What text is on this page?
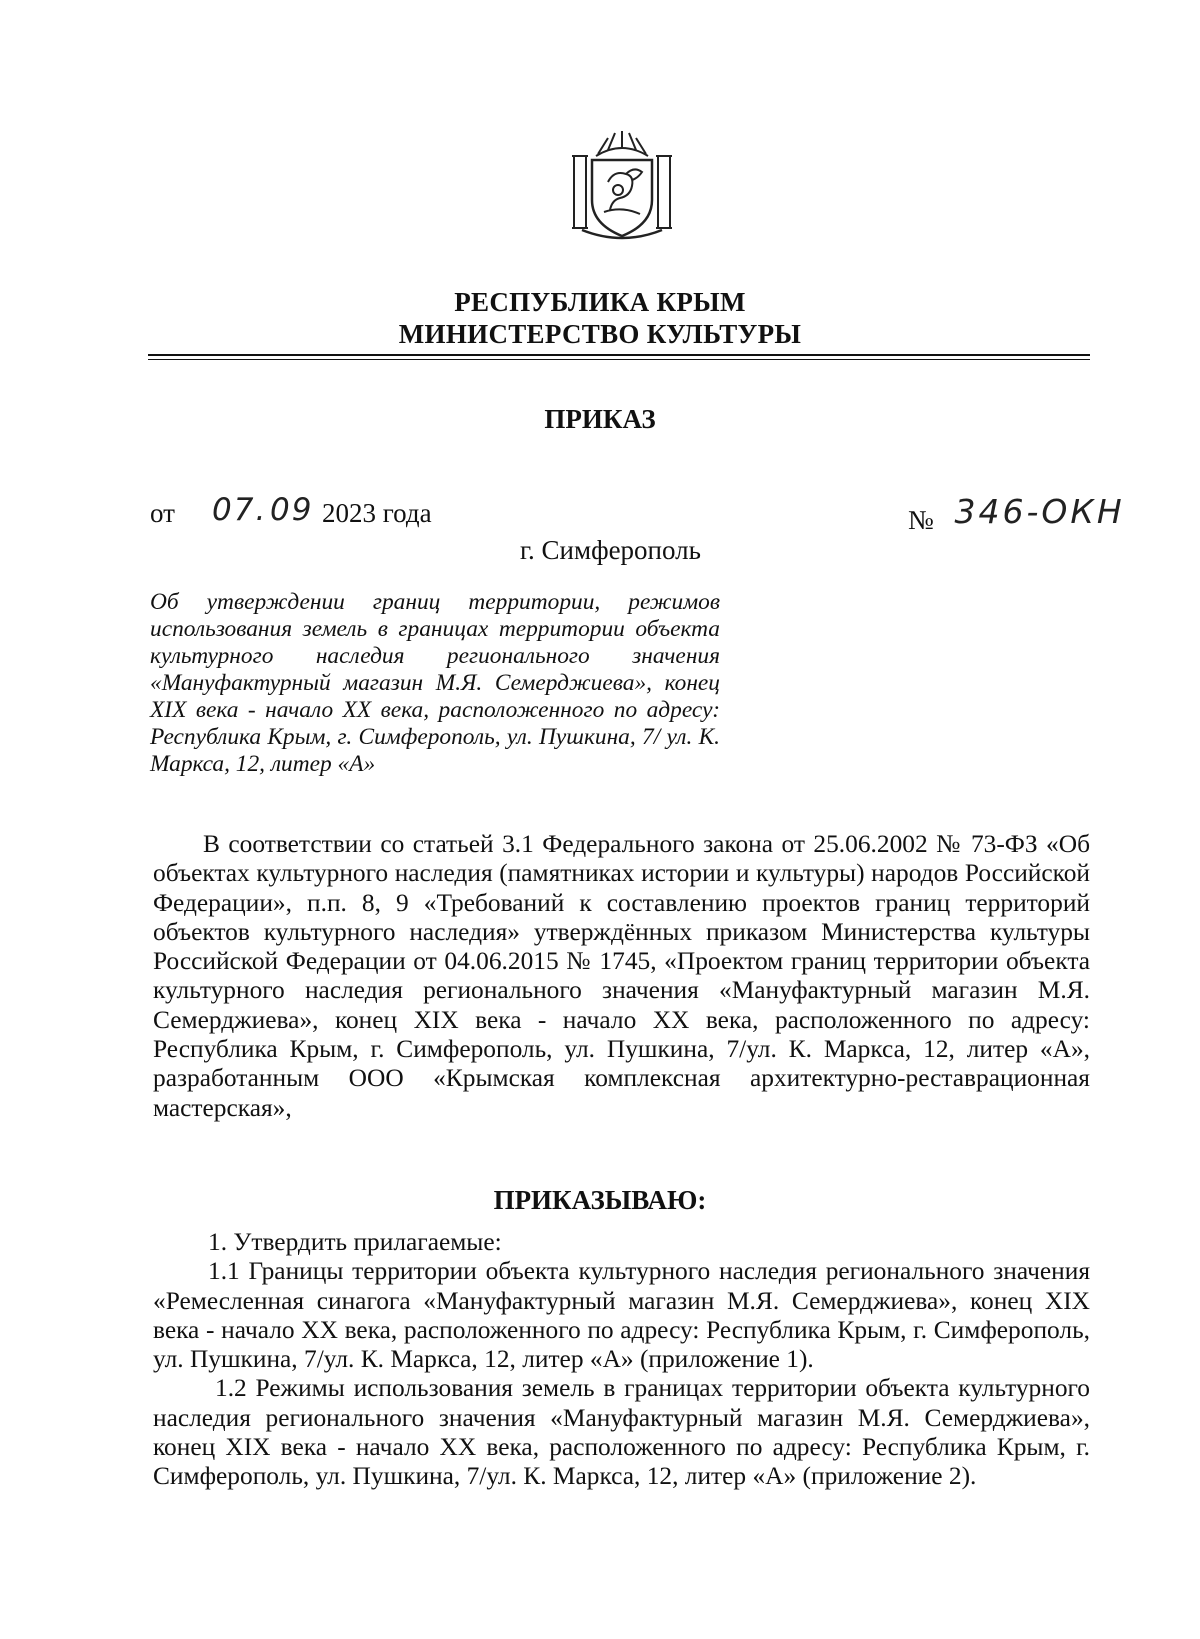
РЕСПУБЛИКА КРЫМ
МИНИСТЕРСТВО КУЛЬТУРЫ
ПРИКАЗ
от 07. 09 2023 года	№ 346-ОКН
г. Симферополь
Об утверждении границ территории, режимов использования земель в границах территории объекта культурного наследия регионального значения «Мануфактурный магазин М.Я. Семерджиева», конец XIX века - начало XX века, расположенного по адресу: Республика Крым, г. Симферополь, ул. Пушкина, 7/ ул. К. Маркса, 12, литер «А»
В соответствии со статьей 3.1 Федерального закона от 25.06.2002 № 73-ФЗ «Об объектах культурного наследия (памятниках истории и культуры) народов Российской Федерации», п.п. 8, 9 «Требований к составлению проектов границ территорий объектов культурного наследия» утверждённых приказом Министерства культуры Российской Федерации от 04.06.2015 № 1745, «Проектом границ территории объекта культурного наследия регионального значения «Мануфактурный магазин М.Я. Семерджиева», конец XIX века - начало XX века, расположенного по адресу: Республика Крым, г. Симферополь, ул. Пушкина, 7/ул. К. Маркса, 12, литер «А», разработанным ООО «Крымская комплексная архитектурно-реставрационная мастерская»,
ПРИКАЗЫВАЮ:

1. Утвердить прилагаемые:

1.1 Границы территории объекта культурного наследия регионального значения «Ремесленная синагога «Мануфактурный магазин М.Я. Семерджиева», конец XIX века - начало XX века, расположенного по адресу: Республика Крым, г. Симферополь, ул. Пушкина, 7/ул. К. Маркса, 12, литер «А» (приложение 1).

1.2 Режимы использования земель в границах территории объекта культурного наследия регионального значения «Мануфактурный магазин М.Я. Семерджиева», конец XIX века - начало XX века, расположенного по адресу: Республика Крым, г. Симферополь, ул. Пушкина, 7/ул. К. Маркса, 12, литер «А» (приложение 2).
